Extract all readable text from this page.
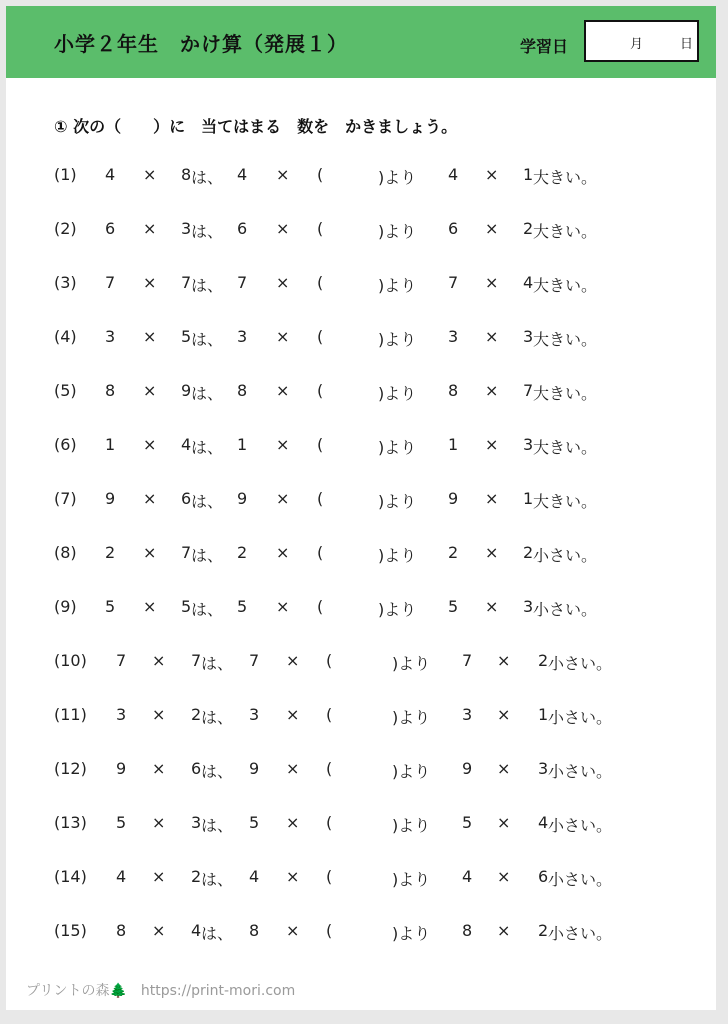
小学２年生　かけ算（発展１）	学習日	月	日
① 次の（　　）に　当てはまる　数を　かきましょう。
(1) 4 × 8 は、 4 × (	)より 4 × 1 大きい。
(2) 6 × 3 は、 6 × (	)より 6 × 2 大きい。
(3) 7 × 7 は、 7 × (	)より 7 × 4 大きい。
(4) 3 × 5 は、 3 × (	)より 3 × 3 大きい。
(5) 8 × 9 は、 8 × (	)より 8 × 7 大きい。
(6) 1 × 4 は、 1 × (	)より 1 × 3 大きい。
(7) 9 × 6 は、 9 × (	)より 9 × 1 大きい。
(8) 2 × 7 は、 2 × (	)より 2 × 2 小さい。
(9) 5 × 5 は、 5 × (	)より 5 × 3 小さい。
(10) 7 × 7 は、 7 × (	)より 7 × 2 小さい。
(11) 3 × 2 は、 3 × (	)より 3 × 1 小さい。
(12) 9 × 6 は、 9 × (	)より 9 × 3 小さい。
(13) 5 × 3 は、 5 × (	)より 5 × 4 小さい。
(14) 4 × 2 は、 4 × (	)より 4 × 6 小さい。
(15) 8 × 4 は、 8 × (	)より 8 × 2 小さい。
プリントの森🌲　 https://print-mori.com
